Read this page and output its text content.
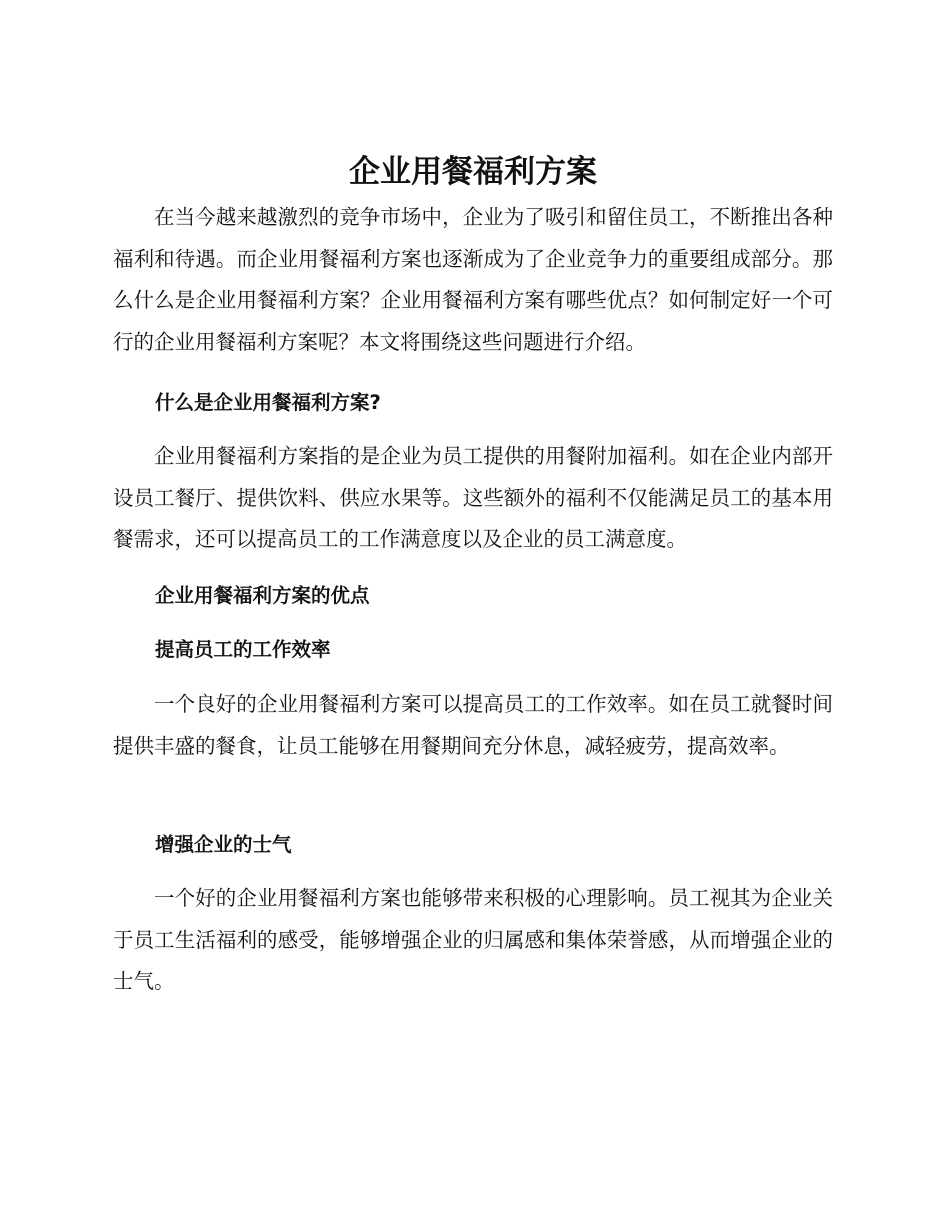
企业用餐福利方案

在当今越来越激烈的竞争市场中，企业为了吸引和留住员工，不断推出各种福利和待遇。而企业用餐福利方案也逐渐成为了企业竞争力的重要组成部分。那么什么是企业用餐福利方案？企业用餐福利方案有哪些优点？如何制定好一个可行的企业用餐福利方案呢？本文将围绕这些问题进行介绍。

什么是企业用餐福利方案?

企业用餐福利方案指的是企业为员工提供的用餐附加福利。如在企业内部开设员工餐厅、提供饮料、供应水果等。这些额外的福利不仅能满足员工的基本用餐需求，还可以提高员工的工作满意度以及企业的员工满意度。

企业用餐福利方案的优点
提高员工的工作效率

一个良好的企业用餐福利方案可以提高员工的工作效率。如在员工就餐时间提供丰盛的餐食，让员工能够在用餐期间充分休息，减轻疲劳，提高效率。

增强企业的士气

一个好的企业用餐福利方案也能够带来积极的心理影响。员工视其为企业关于员工生活福利的感受，能够增强企业的归属感和集体荣誉感，从而增强企业的士气。
